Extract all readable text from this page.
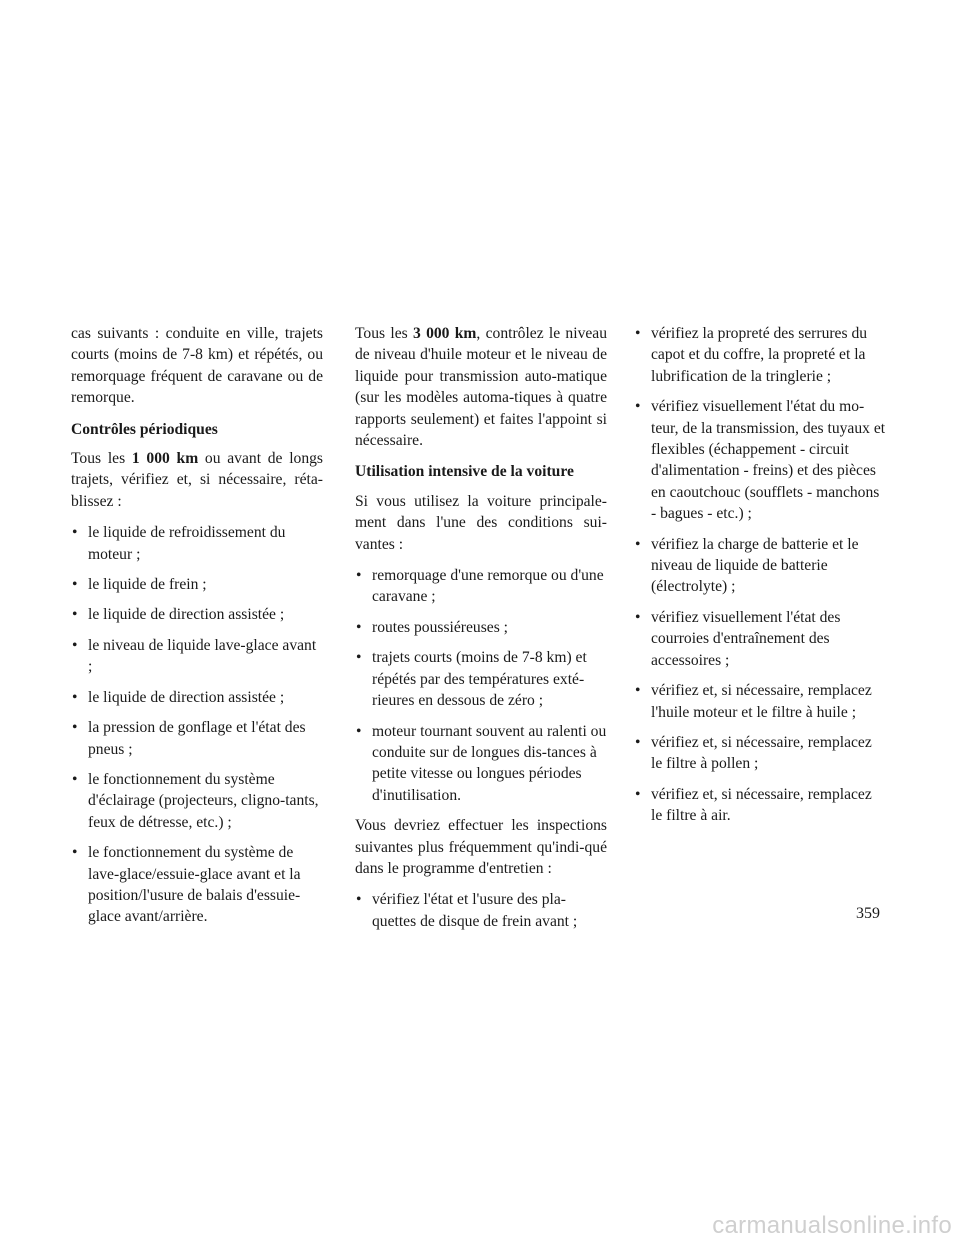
cas suivants : conduite en ville, trajets courts (moins de 7-8 km) et répétés, ou remorquage fréquent de caravane ou de remorque.

Contrôles périodiques

Tous les 1 000 km ou avant de longs trajets, vérifiez et, si nécessaire, réta-blissez :

• le liquide de refroidissement du moteur ;
• le liquide de frein ;
• le liquide de direction assistée ;
• le niveau de liquide lave-glace avant ;
• le liquide de direction assistée ;
• la pression de gonflage et l'état des pneus ;
• le fonctionnement du système d'éclairage (projecteurs, cligno-tants, feux de détresse, etc.) ;
• le fonctionnement du système de lave-glace/essuie-glace avant et la position/l'usure de balais d'essuie-glace avant/arrière.

Tous les 3 000 km, contrôlez le niveau de niveau d'huile moteur et le niveau de liquide pour transmission auto-matique (sur les modèles automa-tiques à quatre rapports seulement) et faites l'appoint si nécessaire.

Utilisation intensive de la voiture

Si vous utilisez la voiture principale-ment dans l'une des conditions sui-vantes :

• remorquage d'une remorque ou d'une caravane ;
• routes poussiéreuses ;
• trajets courts (moins de 7-8 km) et répétés par des températures exté-rieures en dessous de zéro ;
• moteur tournant souvent au ralenti ou conduite sur de longues dis-tances à petite vitesse ou longues périodes d'inutilisation.

Vous devriez effectuer les inspections suivantes plus fréquemment qu'indi-qué dans le programme d'entretien :

• vérifiez l'état et l'usure des pla-quettes de disque de frein avant ;
• vérifiez la propreté des serrures du capot et du coffre, la propreté et la lubrification de la tringlerie ;
• vérifiez visuellement l'état du mo-teur, de la transmission, des tuyaux et flexibles (échappement - circuit d'alimentation - freins) et des pièces en caoutchouc (soufflets - manchons - bagues - etc.) ;
• vérifiez la charge de batterie et le niveau de liquide de batterie (électrolyte) ;
• vérifiez visuellement l'état des courroies d'entraînement des accessoires ;
• vérifiez et, si nécessaire, remplacez l'huile moteur et le filtre à huile ;
• vérifiez et, si nécessaire, remplacez le filtre à pollen ;
• vérifiez et, si nécessaire, remplacez le filtre à air.
359
carmanualsonline.info
